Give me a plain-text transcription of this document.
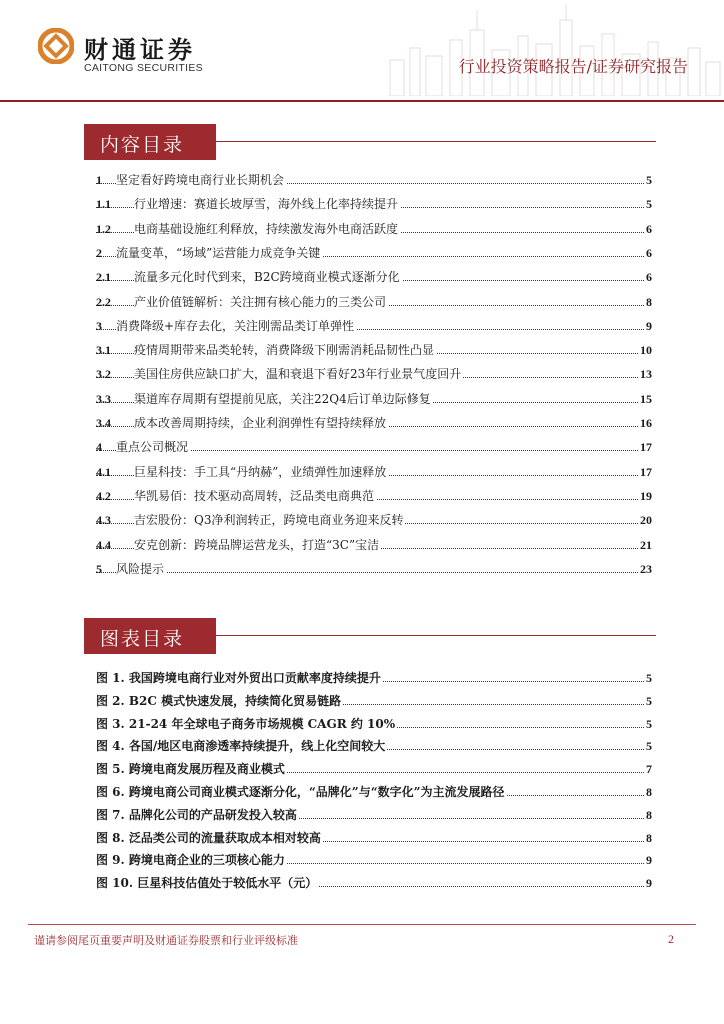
财通证券
CAITONG SECURITIES	行业投资策略报告/证券研究报告
内容目录
1 坚定看好跨境电商行业长期机会	5
1.1 行业增速：赛道长坡厚雪，海外线上化率持续提升	5
1.2 电商基础设施红利释放，持续激发海外电商活跃度	6
2 流量变革，“场域”运营能力成竞争关键	6
2.1 流量多元化时代到来，B2C跨境商业模式逐渐分化	6
2.2 产业价值链解析：关注拥有核心能力的三类公司	8
3 消费降级+库存去化，关注刚需品类订单弹性	9
3.1 疫情周期带来品类轮转，消费降级下刚需消耗品韧性凸显	10
3.2 美国住房供应缺口扩大，温和衰退下看好23年行业景气度回升	13
3.3 渠道库存周期有望提前见底，关注22Q4后订单边际修复	15
3.4 成本改善周期持续，企业利润弹性有望持续释放	16
4 重点公司概况	17
4.1 巨星科技：手工具“丹纳赫”，业绩弹性加速释放	17
4.2 华凯易佰：技术驱动高周转，泛品类电商典范	19
4.3 吉宏股份：Q3净利润转正，跨境电商业务迎来反转	20
4.4 安克创新：跨境品牌运营龙头，打造“3C”宝洁	21
5 风险提示	23
图表目录
图 1. 我国跨境电商行业对外贸出口贡献率度持续提升	5
图 2. B2C 模式快速发展，持续简化贸易链路	5
图 3. 21-24 年全球电子商务市场规模 CAGR 约 10%	5
图 4. 各国/地区电商渗透率持续提升，线上化空间较大	5
图 5. 跨境电商发展历程及商业模式	7
图 6. 跨境电商公司商业模式逐渐分化，“品牌化”与“数字化”为主流发展路径	8
图 7. 品牌化公司的产品研发投入较高	8
图 8. 泛品类公司的流量获取成本相对较高	8
图 9. 跨境电商企业的三项核心能力	9
图 10. 巨星科技估值处于较低水平（元）	9
谨请参阅尾页重要声明及财通证券股票和行业评级标准	2
